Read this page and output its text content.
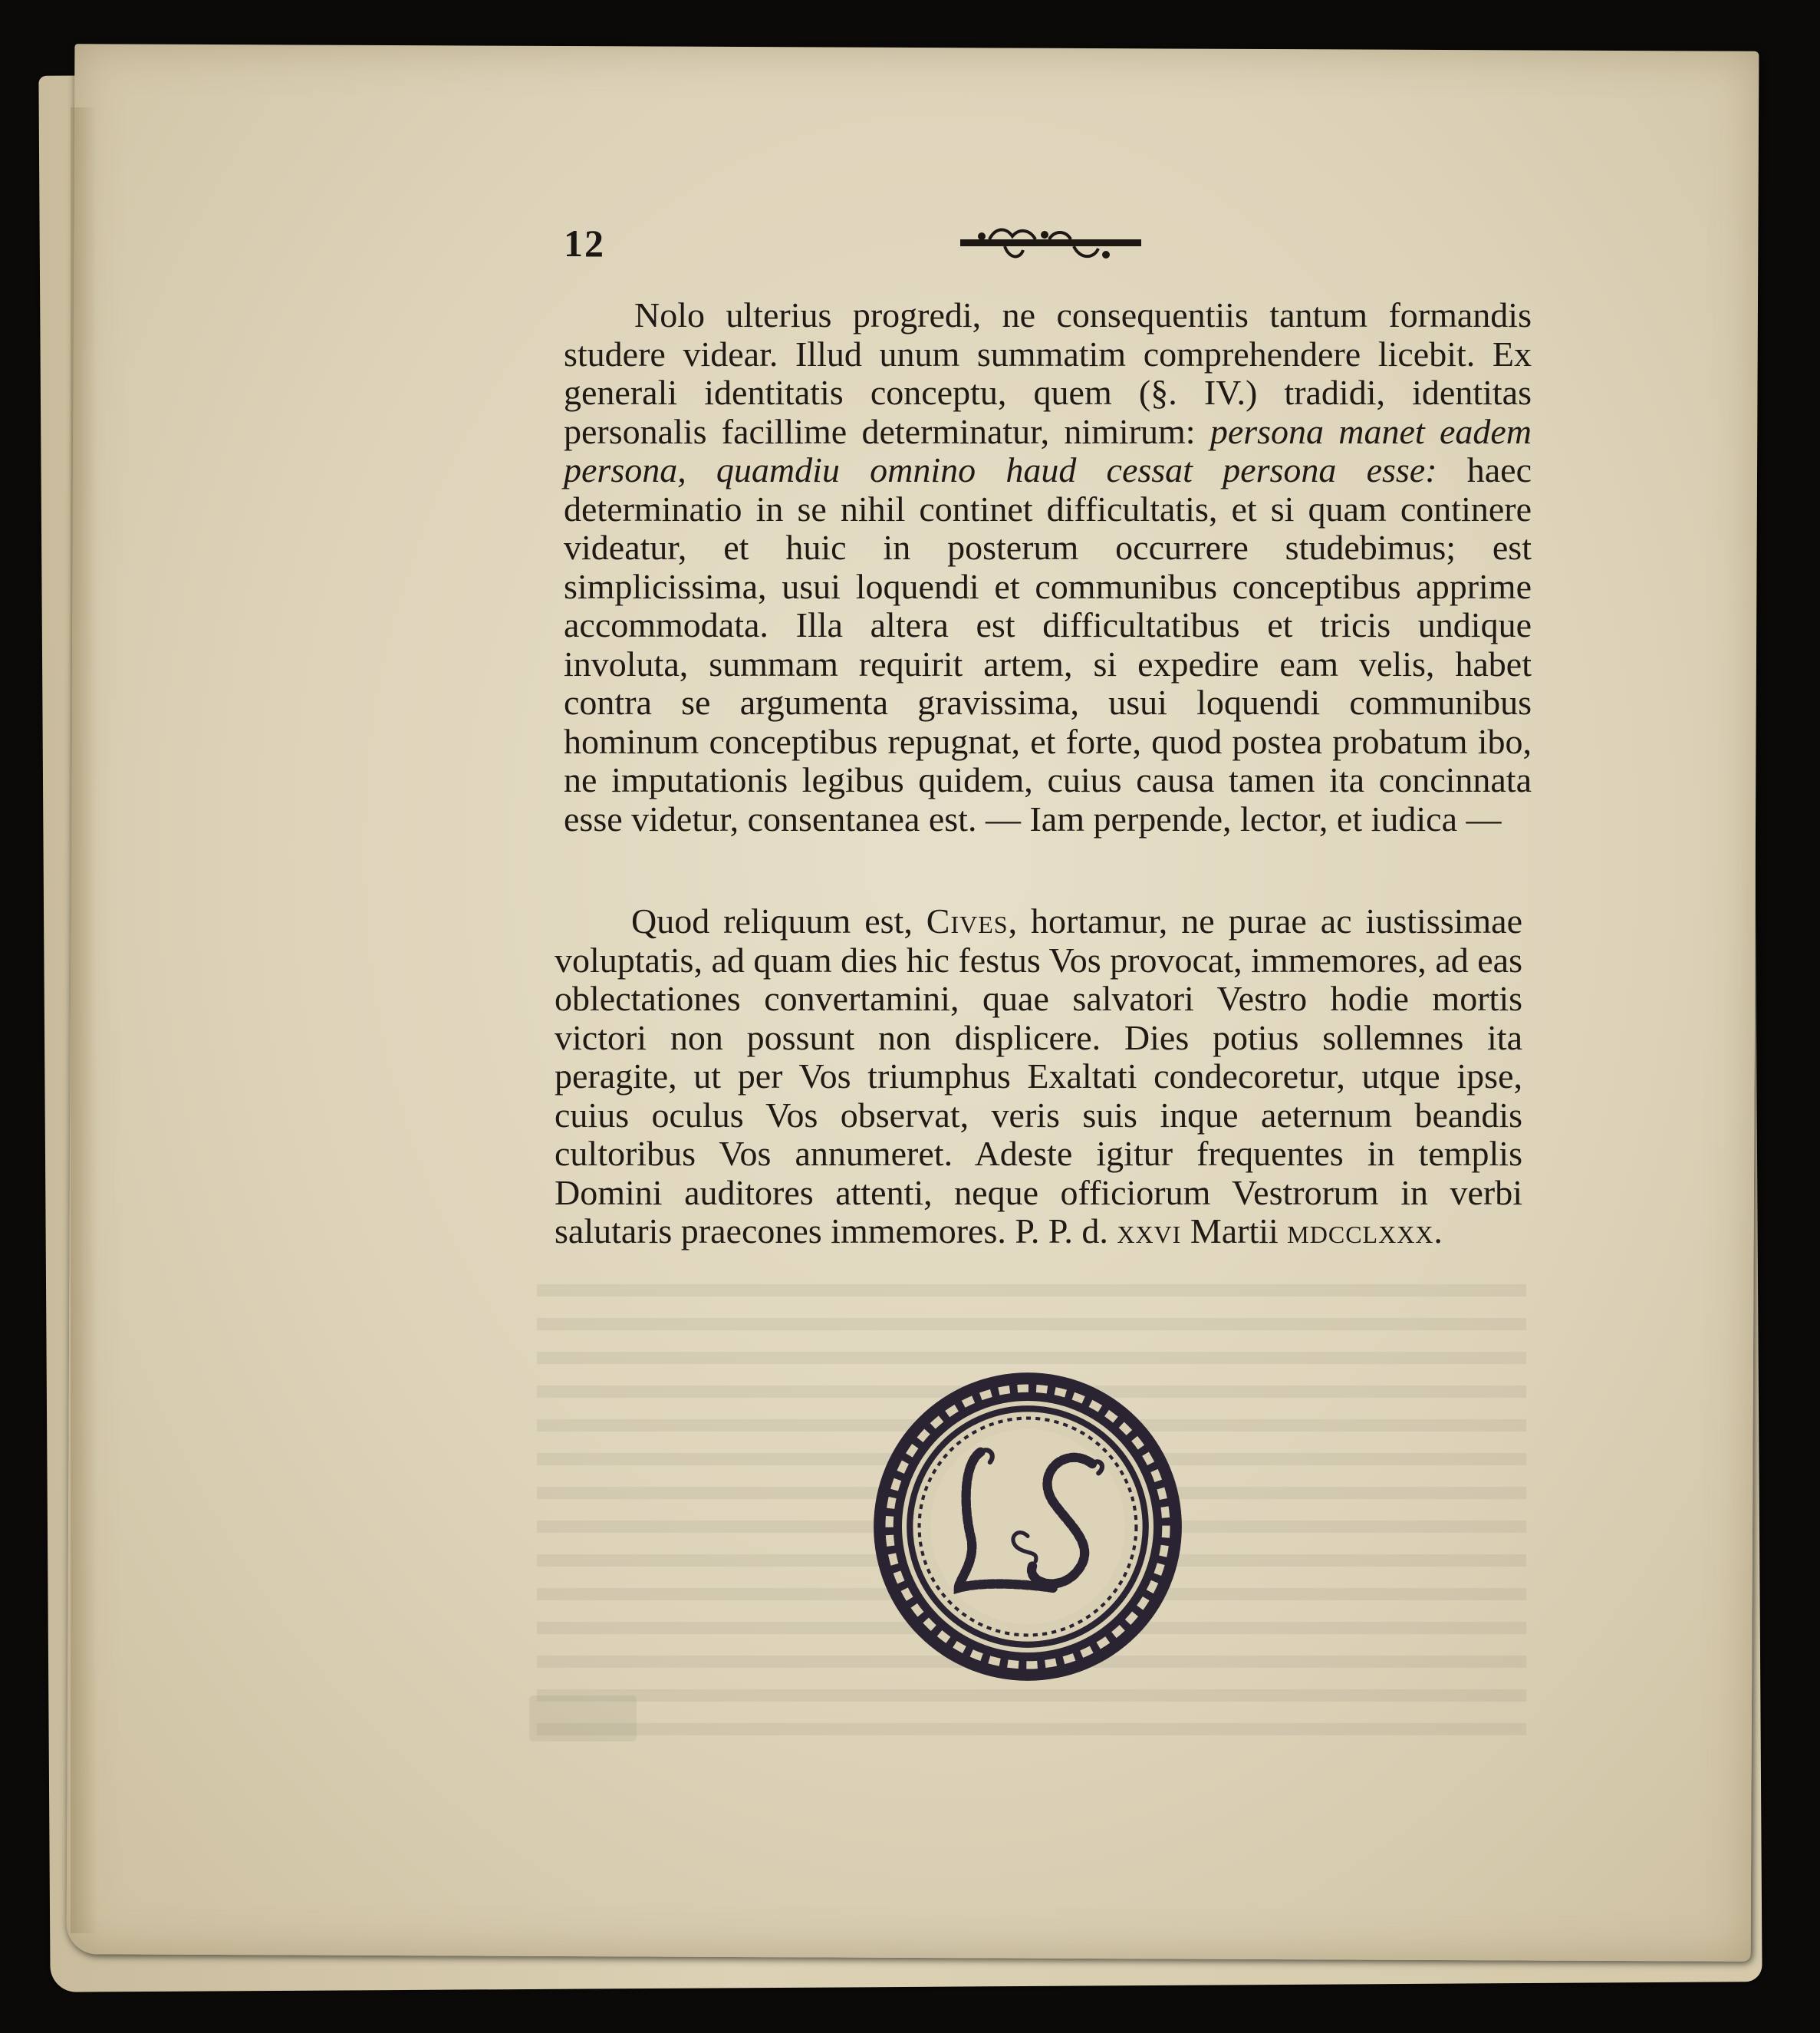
12

Nolo ulterius progredi, ne consequentiis tantum formandis studere videar. Illud unum summatim comprehendere licebit. Ex generali identitatis conceptu, quem (§. IV.) tradidi, identitas personalis facillime determinatur, nimirum: persona manet eadem persona, quamdiu omnino haud cessat persona esse: haec determinatio in se nihil continet difficultatis, et si quam continere videatur, et huic in posterum occurrere studebimus; est simplicissima, usui loquendi et communibus conceptibus apprime accommodata. Illa altera est difficultatibus et tricis undique involuta, summam requirit artem, si expedire eam velis, habet contra se argumenta gravissima, usui loquendi communibus hominum conceptibus repugnat, et forte, quod postea probatum ibo, ne imputationis legibus quidem, cuius causa tamen ita concinnata esse videtur, consentanea est. — Iam perpende, lector, et iudica —

Quod reliquum est, Cives, hortamur, ne purae ac iustissimae voluptatis, ad quam dies hic festus Vos provocat, immemores, ad eas oblectationes convertamini, quae salvatori Vestro hodie mortis victori non possunt non displicere. Dies potius sollemnes ita peragite, ut per Vos triumphus Exaltati condecoretur, utque ipse, cuius oculus Vos observat, veris suis inque aeternum beandis cultoribus Vos annumeret. Adeste igitur frequentes in templis Domini auditores attenti, neque officiorum Vestrorum in verbi salutaris praecones immemores. P. P. d. xxvi Martii mdcclxxx.
